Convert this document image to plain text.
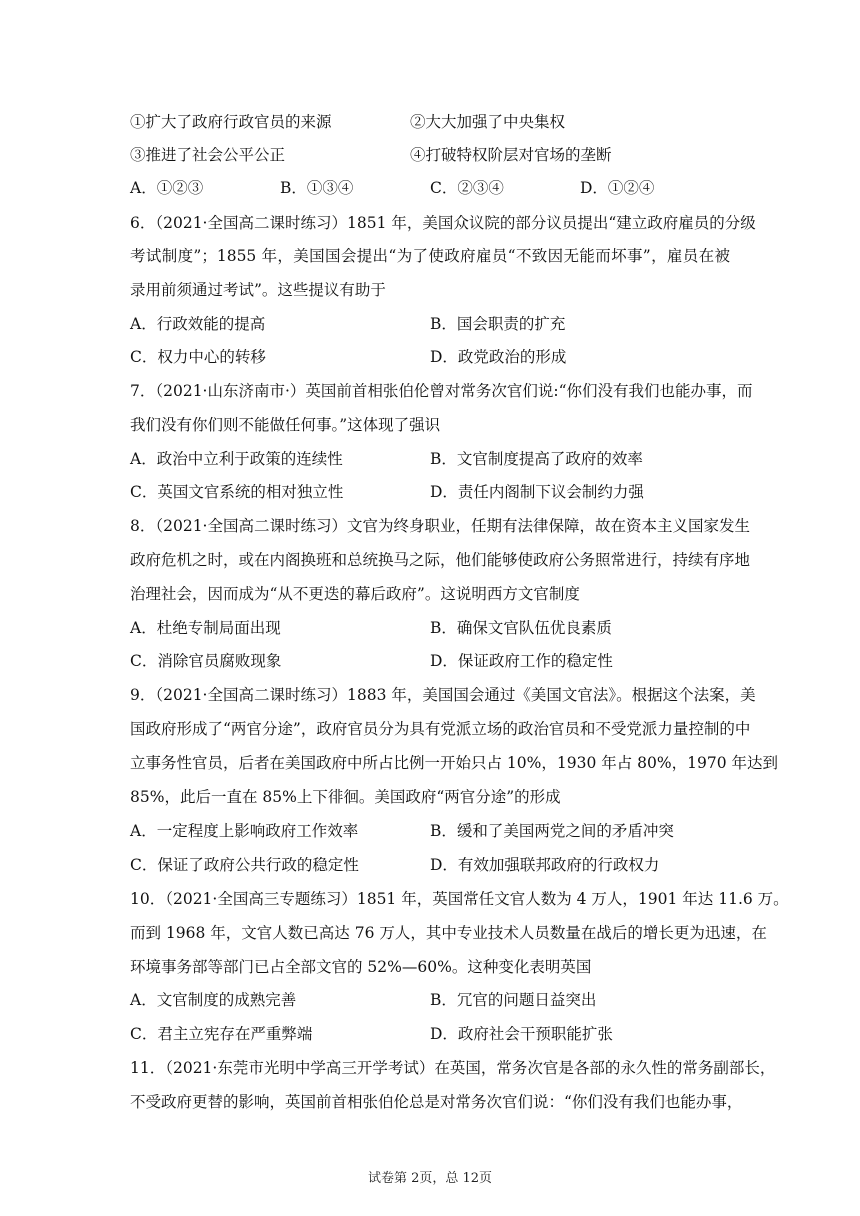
①扩大了政府行政官员的来源	②大大加强了中央集权
③推进了社会公平公正	④打破特权阶层对官场的垄断
A．①②③	B．①③④	C．②③④	D．①②④
6．（2021·全国高二课时练习）1851 年，美国众议院的部分议员提出“建立政府雇员的分级
考试制度”；1855 年，美国国会提出“为了使政府雇员“不致因无能而坏事”，雇员在被
录用前须通过考试”。这些提议有助于
A．行政效能的提高	B．国会职责的扩充
C．权力中心的转移	D．政党政治的形成
7．（2021·山东济南市·）英国前首相张伯伦曾对常务次官们说:“你们没有我们也能办事，而
我们没有你们则不能做任何事。”这体现了强识
A．政治中立利于政策的连续性	B．文官制度提高了政府的效率
C．英国文官系统的相对独立性	D．责任内阁制下议会制约力强
8．（2021·全国高二课时练习）文官为终身职业，任期有法律保障，故在资本主义国家发生
政府危机之时，或在内阁换班和总统换马之际，他们能够使政府公务照常进行，持续有序地
治理社会，因而成为“从不更迭的幕后政府”。这说明西方文官制度
A．杜绝专制局面出现	B．确保文官队伍优良素质
C．消除官员腐败现象	D．保证政府工作的稳定性
9．（2021·全国高二课时练习）1883 年，美国国会通过《美国文官法》。根据这个法案，美
国政府形成了“两官分途”，政府官员分为具有党派立场的政治官员和不受党派力量控制的中
立事务性官员，后者在美国政府中所占比例一开始只占 10%，1930 年占 80%，1970 年达到
85%，此后一直在 85%上下徘徊。美国政府“两官分途”的形成
A．一定程度上影响政府工作效率	B．缓和了美国两党之间的矛盾冲突
C．保证了政府公共行政的稳定性	D．有效加强联邦政府的行政权力
10．（2021·全国高三专题练习）1851 年，英国常任文官人数为 4 万人，1901 年达 11.6 万。
而到 1968 年，文官人数已高达 76 万人，其中专业技术人员数量在战后的增长更为迅速，在
环境事务部等部门已占全部文官的 52%—60%。这种变化表明英国
A．文官制度的成熟完善	B．冗官的问题日益突出
C．君主立宪存在严重弊端	D．政府社会干预职能扩张
11．（2021·东莞市光明中学高三开学考试）在英国，常务次官是各部的永久性的常务副部长，
不受政府更替的影响，英国前首相张伯伦总是对常务次官们说：“你们没有我们也能办事，
试卷第 2页，总 12页
